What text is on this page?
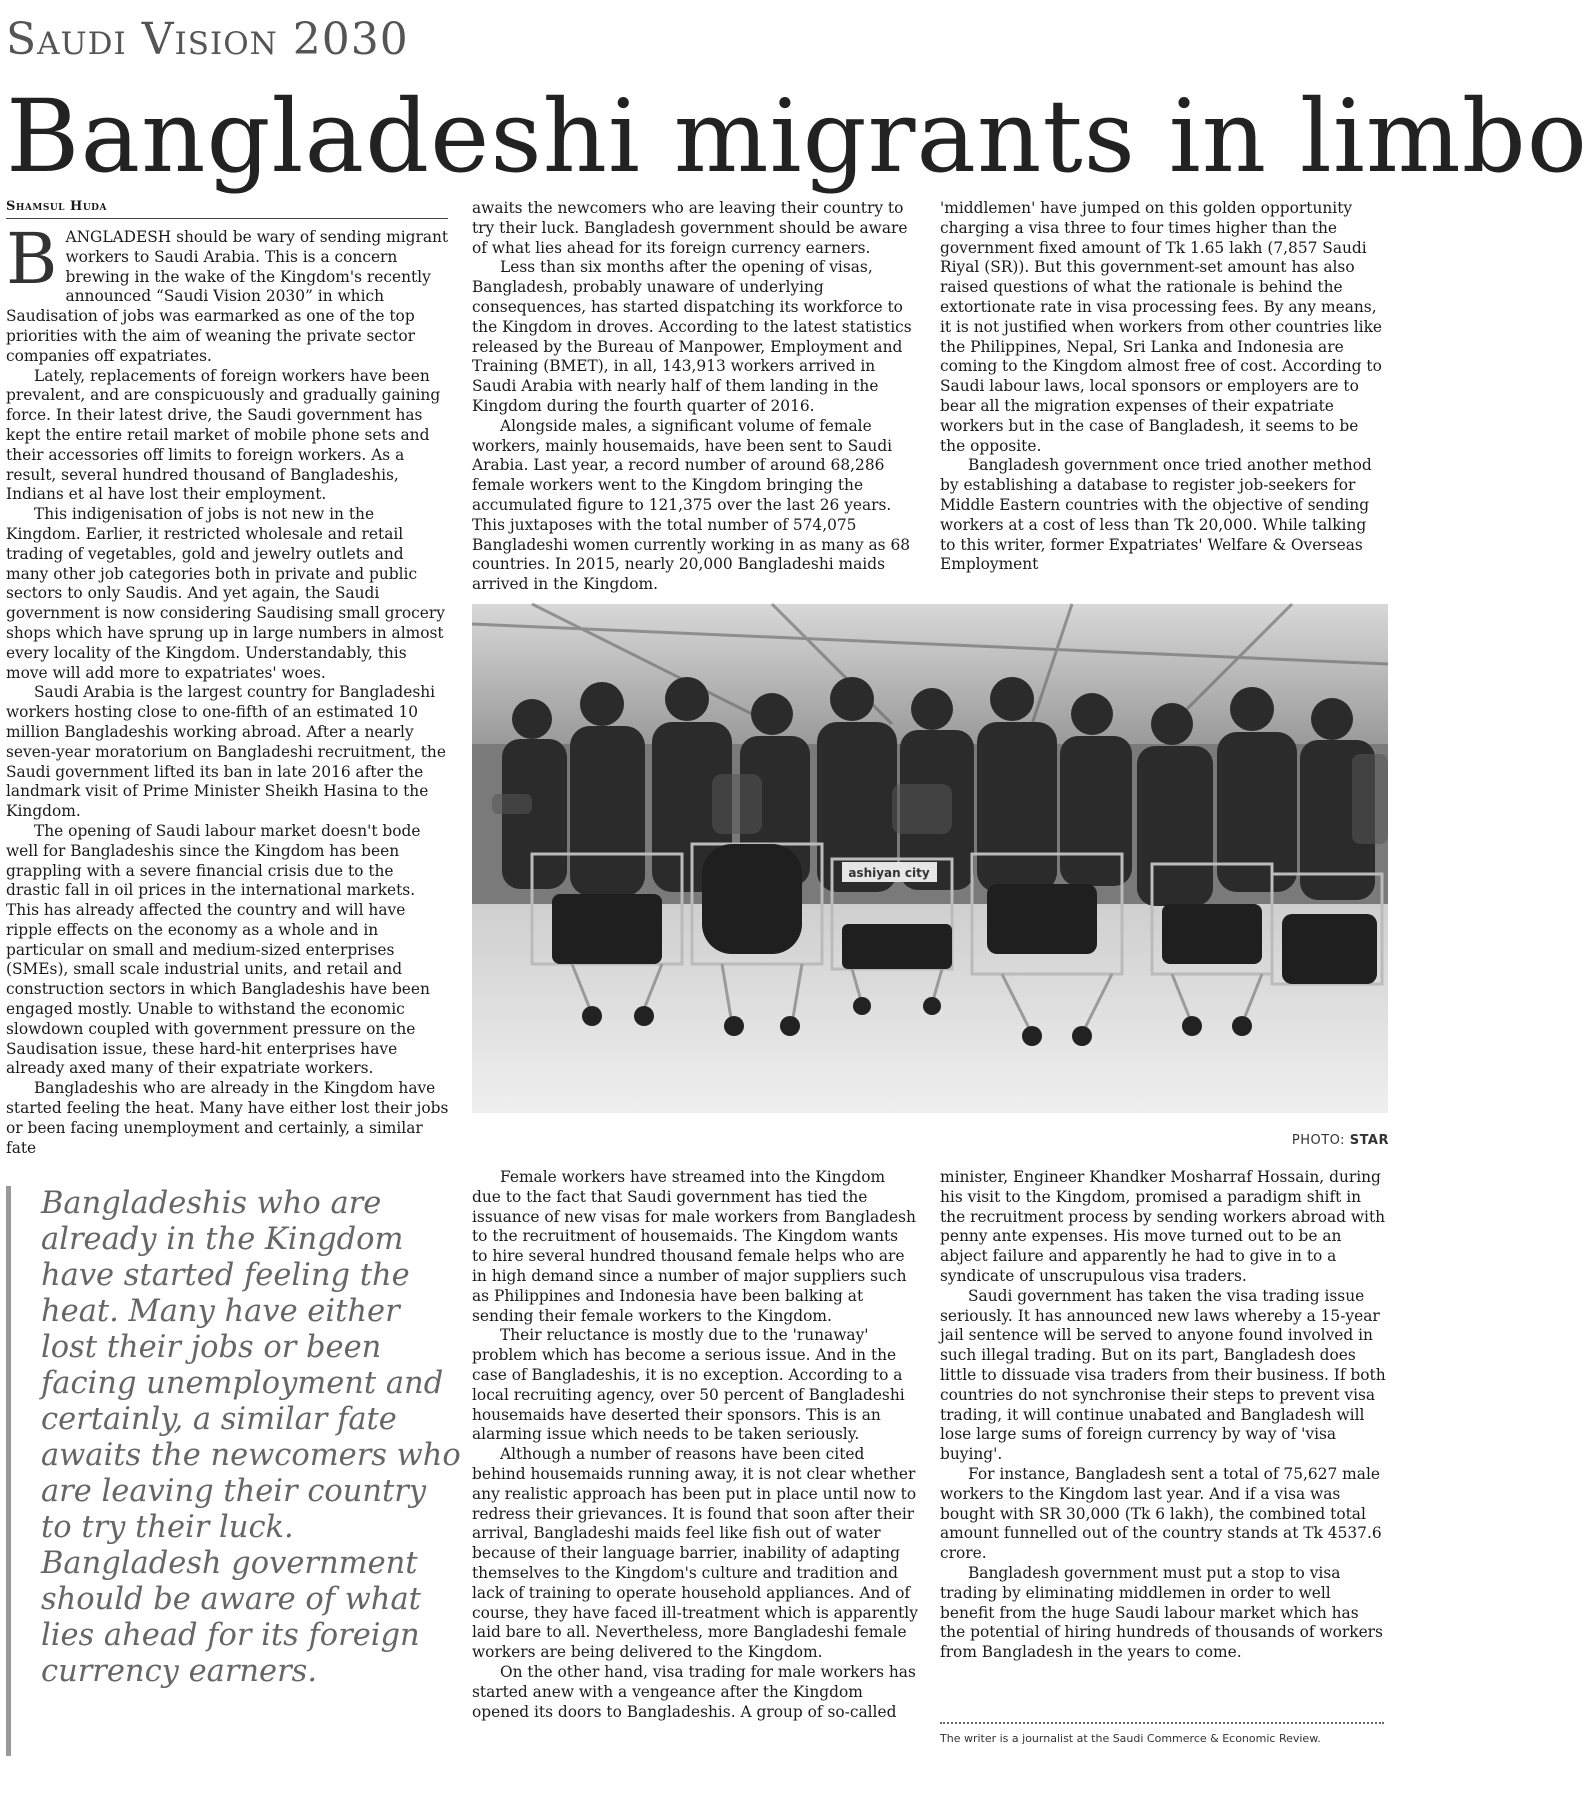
Saudi Vision 2030
Bangladeshi migrants in limbo
Shamsul Huda

BANGLADESH should be wary of sending migrant workers to Saudi Arabia. This is a concern brewing in the wake of the Kingdom's recently announced “Saudi Vision 2030” in which Saudisation of jobs was earmarked as one of the top priorities with the aim of weaning the private sector companies off expatriates.

Lately, replacements of foreign workers have been prevalent, and are conspicuously and gradually gaining force. In their latest drive, the Saudi government has kept the entire retail market of mobile phone sets and their accessories off limits to foreign workers. As a result, several hundred thousand of Bangladeshis, Indians et al have lost their employment.

This indigenisation of jobs is not new in the Kingdom. Earlier, it restricted wholesale and retail trading of vegetables, gold and jewelry outlets and many other job categories both in private and public sectors to only Saudis. And yet again, the Saudi government is now considering Saudising small grocery shops which have sprung up in large numbers in almost every locality of the Kingdom. Understandably, this move will add more to expatriates' woes.

Saudi Arabia is the largest country for Bangladeshi workers hosting close to one-fifth of an estimated 10 million Bangladeshis working abroad. After a nearly seven-year moratorium on Bangladeshi recruitment, the Saudi government lifted its ban in late 2016 after the landmark visit of Prime Minister Sheikh Hasina to the Kingdom.

The opening of Saudi labour market doesn't bode well for Bangladeshis since the Kingdom has been grappling with a severe financial crisis due to the drastic fall in oil prices in the international markets. This has already affected the country and will have ripple effects on the economy as a whole and in particular on small and medium-sized enterprises (SMEs), small scale industrial units, and retail and construction sectors in which Bangladeshis have been engaged mostly. Unable to withstand the economic slowdown coupled with government pressure on the Saudisation issue, these hard-hit enterprises have already axed many of their expatriate workers.

Bangladeshis who are already in the Kingdom have started feeling the heat. Many have either lost their jobs or been facing unemployment and certainly, a similar fate

awaits the newcomers who are leaving their country to try their luck. Bangladesh government should be aware of what lies ahead for its foreign currency earners.

Less than six months after the opening of visas, Bangladesh, probably unaware of underlying consequences, has started dispatching its workforce to the Kingdom in droves. According to the latest statistics released by the Bureau of Manpower, Employment and Training (BMET), in all, 143,913 workers arrived in Saudi Arabia with nearly half of them landing in the Kingdom during the fourth quarter of 2016.

Alongside males, a significant volume of female workers, mainly housemaids, have been sent to Saudi Arabia. Last year, a record number of around 68,286 female workers went to the Kingdom bringing the accumulated figure to 121,375 over the last 26 years. This juxtaposes with the total number of 574,075 Bangladeshi women currently working in as many as 68 countries. In 2015, nearly 20,000 Bangladeshi maids arrived in the Kingdom.

'middlemen' have jumped on this golden opportunity charging a visa three to four times higher than the government fixed amount of Tk 1.65 lakh (7,857 Saudi Riyal (SR)). But this government-set amount has also raised questions of what the rationale is behind the extortionate rate in visa processing fees. By any means, it is not justified when workers from other countries like the Philippines, Nepal, Sri Lanka and Indonesia are coming to the Kingdom almost free of cost. According to Saudi labour laws, local sponsors or employers are to bear all the migration expenses of their expatriate workers but in the case of Bangladesh, it seems to be the opposite.

Bangladesh government once tried another method by establishing a database to register job-seekers for Middle Eastern countries with the objective of sending workers at a cost of less than Tk 20,000. While talking to this writer, former Expatriates' Welfare & Overseas Employment

ashiyan city
PHOTO: STAR
Bangladeshis who are already in the Kingdom have started feeling the heat. Many have either lost their jobs or been facing unemployment and certainly, a similar fate awaits the newcomers who are leaving their country to try their luck. Bangladesh government should be aware of what lies ahead for its foreign currency earners.

Female workers have streamed into the Kingdom due to the fact that Saudi government has tied the issuance of new visas for male workers from Bangladesh to the recruitment of housemaids. The Kingdom wants to hire several hundred thousand female helps who are in high demand since a number of major suppliers such as Philippines and Indonesia have been balking at sending their female workers to the Kingdom.

Their reluctance is mostly due to the 'runaway' problem which has become a serious issue. And in the case of Bangladeshis, it is no exception. According to a local recruiting agency, over 50 percent of Bangladeshi housemaids have deserted their sponsors. This is an alarming issue which needs to be taken seriously.

Although a number of reasons have been cited behind housemaids running away, it is not clear whether any realistic approach has been put in place until now to redress their grievances. It is found that soon after their arrival, Bangladeshi maids feel like fish out of water because of their language barrier, inability of adapting themselves to the Kingdom's culture and tradition and lack of training to operate household appliances. And of course, they have faced ill-treatment which is apparently laid bare to all. Nevertheless, more Bangladeshi female workers are being delivered to the Kingdom.

On the other hand, visa trading for male workers has started anew with a vengeance after the Kingdom opened its doors to Bangladeshis. A group of so-called

minister, Engineer Khandker Mosharraf Hossain, during his visit to the Kingdom, promised a paradigm shift in the recruitment process by sending workers abroad with penny ante expenses. His move turned out to be an abject failure and apparently he had to give in to a syndicate of unscrupulous visa traders.

Saudi government has taken the visa trading issue seriously. It has announced new laws whereby a 15-year jail sentence will be served to anyone found involved in such illegal trading. But on its part, Bangladesh does little to dissuade visa traders from their business. If both countries do not synchronise their steps to prevent visa trading, it will continue unabated and Bangladesh will lose large sums of foreign currency by way of 'visa buying'.

For instance, Bangladesh sent a total of 75,627 male workers to the Kingdom last year. And if a visa was bought with SR 30,000 (Tk 6 lakh), the combined total amount funnelled out of the country stands at Tk 4537.6 crore.

Bangladesh government must put a stop to visa trading by eliminating middlemen in order to well benefit from the huge Saudi labour market which has the potential of hiring hundreds of thousands of workers from Bangladesh in the years to come.

The writer is a journalist at the Saudi Commerce & Economic Review.
